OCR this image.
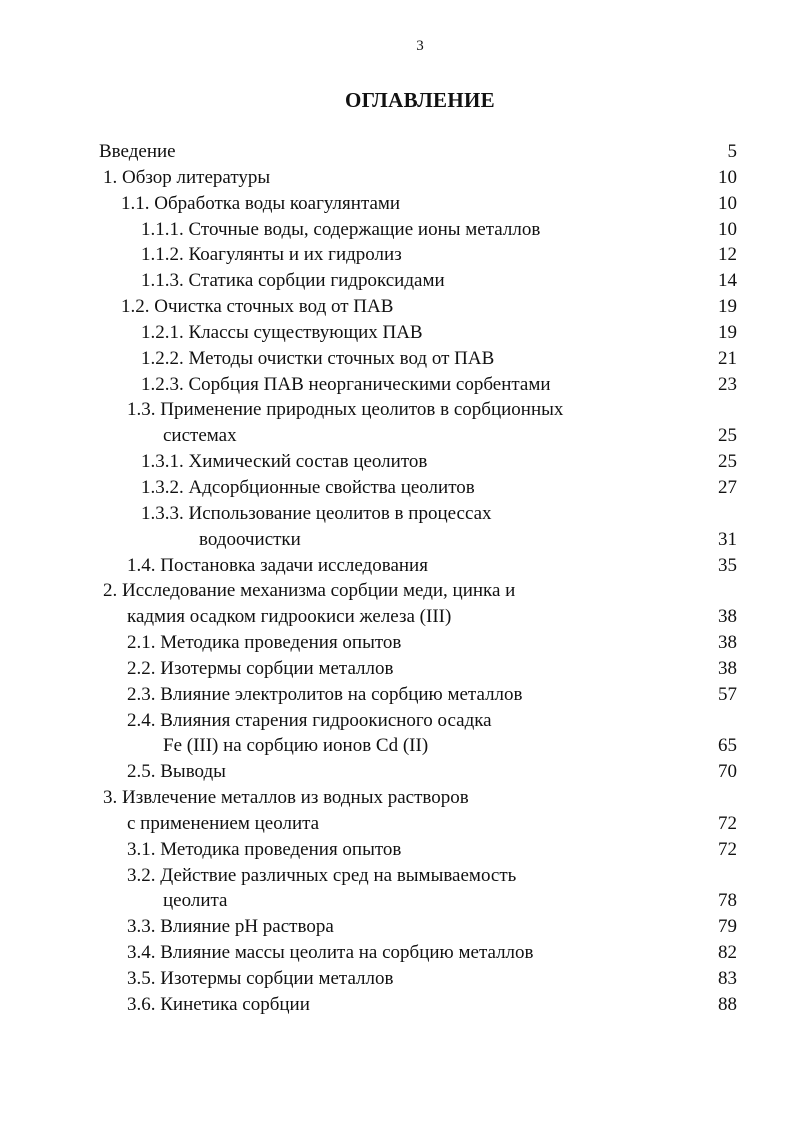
3
ОГЛАВЛЕНИЕ
Введение	5
1. Обзор литературы	10
1.1. Обработка воды коагулянтами	10
1.1.1. Сточные воды, содержащие ионы металлов	10
1.1.2. Коагулянты и их гидролиз	12
1.1.3. Статика сорбции гидроксидами	14
1.2. Очистка сточных вод от ПАВ	19
1.2.1. Классы существующих ПАВ	19
1.2.2. Методы очистки сточных вод от ПАВ	21
1.2.3. Сорбция ПАВ неорганическими сорбентами	23
1.3. Применение природных цеолитов в сорбционных
системах	25
1.3.1. Химический состав цеолитов	25
1.3.2. Адсорбционные свойства цеолитов	27
1.3.3. Использование цеолитов в процессах
водоочистки	31
1.4. Постановка задачи исследования	35
2. Исследование механизма сорбции меди, цинка и
кадмия осадком гидроокиси железа (III)	38
2.1. Методика проведения опытов	38
2.2. Изотермы сорбции металлов	38
2.3. Влияние электролитов на сорбцию металлов	57
2.4. Влияния старения гидроокисного осадка
Fe (III) на сорбцию ионов Cd (II)	65
2.5. Выводы	70
3. Извлечение металлов из водных растворов
с применением цеолита	72
3.1. Методика проведения опытов	72
3.2. Действие различных сред на вымываемость
цеолита	78
3.3. Влияние pH раствора	79
3.4. Влияние массы цеолита на сорбцию металлов	82
3.5. Изотермы сорбции металлов	83
3.6. Кинетика сорбции	88
